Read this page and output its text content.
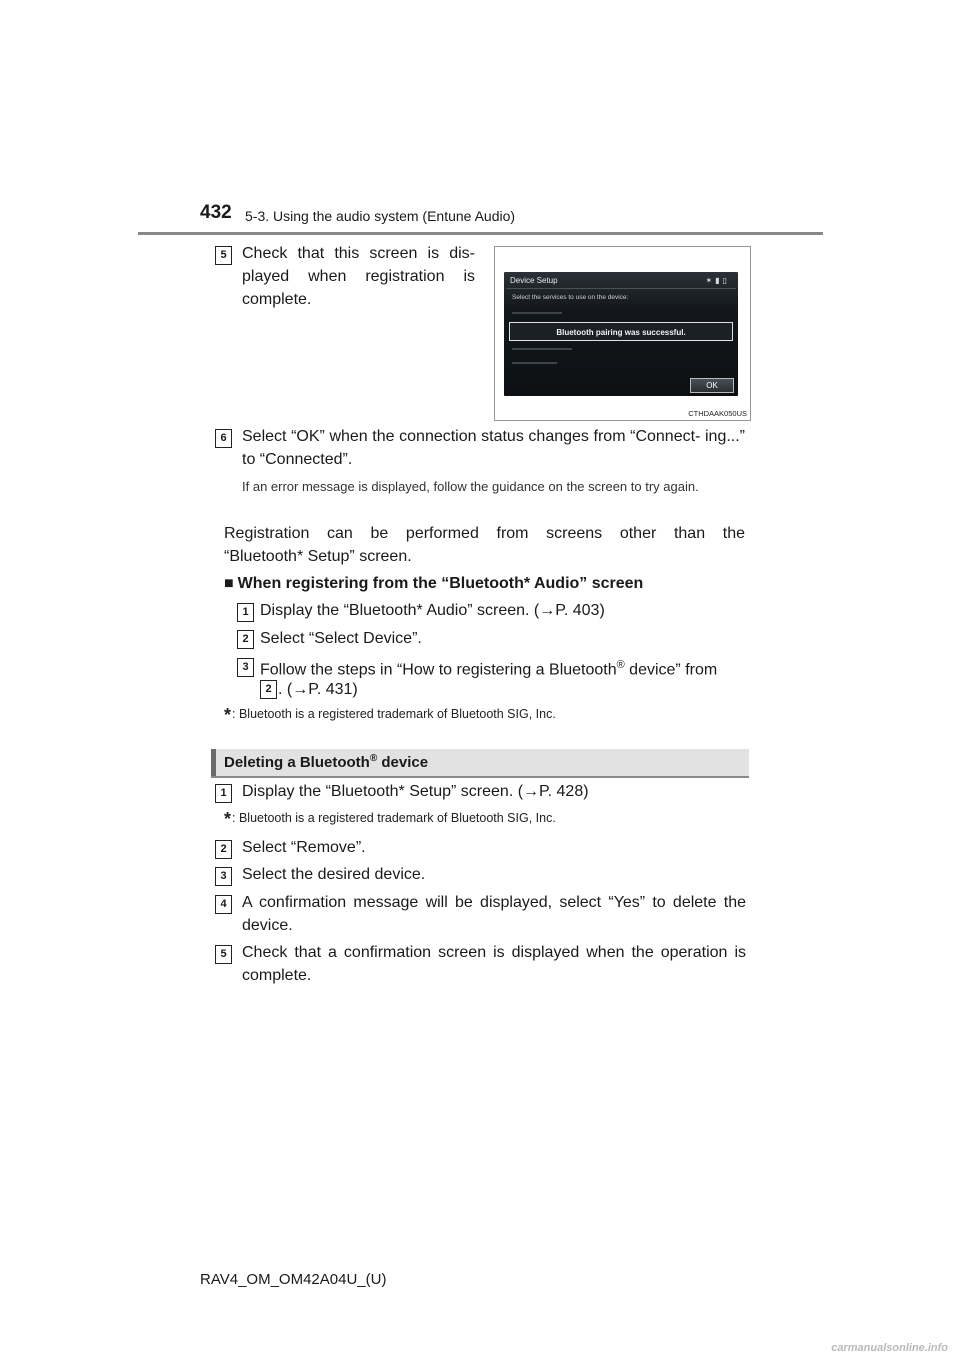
432 5-3. Using the audio system (Entune Audio)
5 Check that this screen is dis- played when registration is complete.
Device Setup	✶▮▯
Select the services to use on the device:
Bluetooth pairing was successful.
OK
CTHDAAK050US
6 Select “OK” when the connection status changes from “Connect- ing...” to “Connected”.
If an error message is displayed, follow the guidance on the screen to try again.
Registration can be performed from screens other than the
“Bluetooth* Setup” screen.
■ When registering from the “Bluetooth* Audio” screen
1 Display the “Bluetooth* Audio” screen. (→P. 403)
2 Select “Select Device”.
3 Follow the steps in “How to registering a Bluetooth® device” from
2 . (→P. 431)
*: Bluetooth is a registered trademark of Bluetooth SIG, Inc.
Deleting a Bluetooth® device
1 Display the “Bluetooth* Setup” screen. (→P. 428)
*: Bluetooth is a registered trademark of Bluetooth SIG, Inc.
2 Select “Remove”.
3 Select the desired device.
4 A confirmation message will be displayed, select “Yes” to delete the device.
5 Check that a confirmation screen is displayed when the operation is complete.
RAV4_OM_OM42A04U_(U)
carmanualsonline.info
